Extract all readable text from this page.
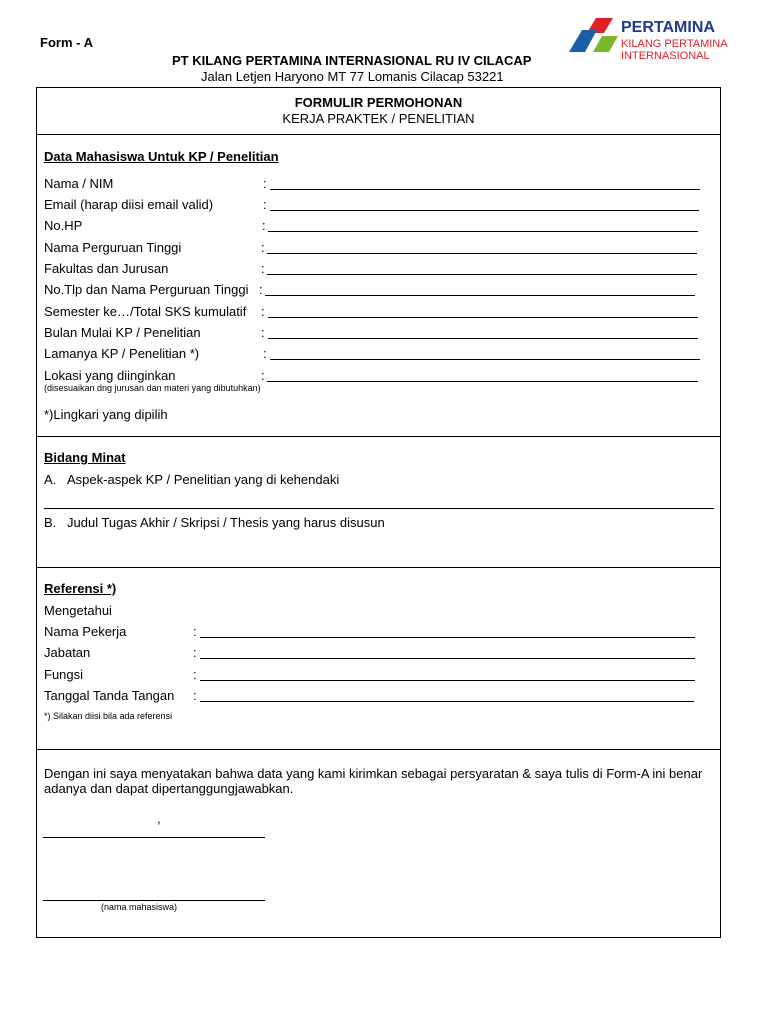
Form - A
PT KILANG PERTAMINA INTERNASIONAL RU IV CILACAP
Jalan Letjen Haryono MT 77 Lomanis Cilacap 53221
PERTAMINA
KILANG PERTAMINA
INTERNASIONAL
FORMULIR PERMOHONAN
KERJA PRAKTEK / PENELITIAN
Data Mahasiswa Untuk KP / Penelitian
Nama / NIM	:
Email (harap diisi email valid)	:
No.HP	:
Nama Perguruan Tinggi	:
Fakultas dan Jurusan	:
No.Tlp dan Nama Perguruan Tinggi :
Semester ke…/Total SKS kumulatif :
Bulan Mulai KP / Penelitian	:
Lamanya KP / Penelitian *)	:
Lokasi yang diinginkan	:
(disesuaikan dng jurusan dan materi yang dibutuhkan)
*)Lingkari yang dipilih
Bidang Minat
A. Aspek-aspek KP / Penelitian yang di kehendaki
B. Judul Tugas Akhir / Skripsi / Thesis yang harus disusun
Referensi *)
Mengetahui
Nama Pekerja	:
Jabatan	:
Fungsi	:
Tanggal Tanda Tangan :
*) Silakan diisi bila ada referensi
Dengan ini saya menyatakan bahwa data yang kami kirimkan sebagai persyaratan & saya tulis di Form-A ini benar
adanya dan dapat dipertanggungjawabkan.
,
(nama mahasiswa)
